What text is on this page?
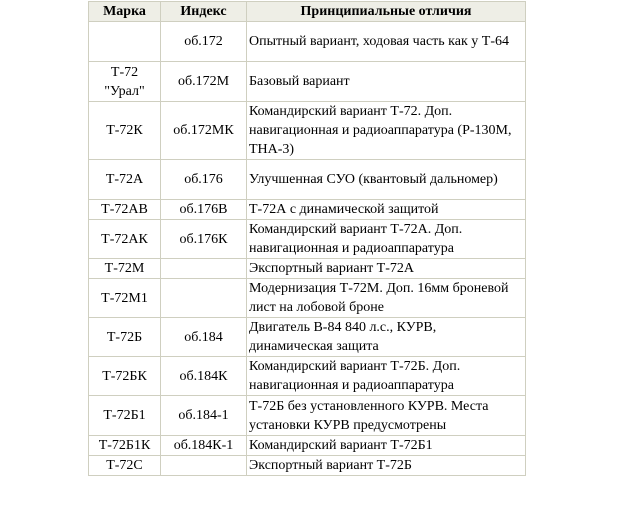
Марка	Индекс	Принципиальные отличия
	об.172	Опытный вариант, ходовая часть как у Т-64
Т-72 "Урал"	об.172М	Базовый вариант
Т-72К	об.172МК	Командирский вариант Т-72. Доп. навигационная и радиоаппаратура (Р-130М, ТНА-3)
Т-72А	об.176	Улучшенная СУО (квантовый дальномер)
Т-72АВ	об.176В	Т-72А с динамической защитой
Т-72АК	об.176К	Командирский вариант Т-72А. Доп. навигационная и радиоаппаратура
Т-72М		Экспортный вариант Т-72А
Т-72М1		Модернизация Т-72М. Доп. 16мм броневой лист на лобовой броне
Т-72Б	об.184	Двигатель В-84 840 л.с., КУРВ, динамическая защита
Т-72БК	об.184К	Командирский вариант Т-72Б. Доп. навигационная и радиоаппаратура
Т-72Б1	об.184-1	Т-72Б без установленного КУРВ. Места установки КУРВ предусмотрены
Т-72Б1К	об.184К-1	Командирский вариант Т-72Б1
Т-72С		Экспортный вариант Т-72Б
